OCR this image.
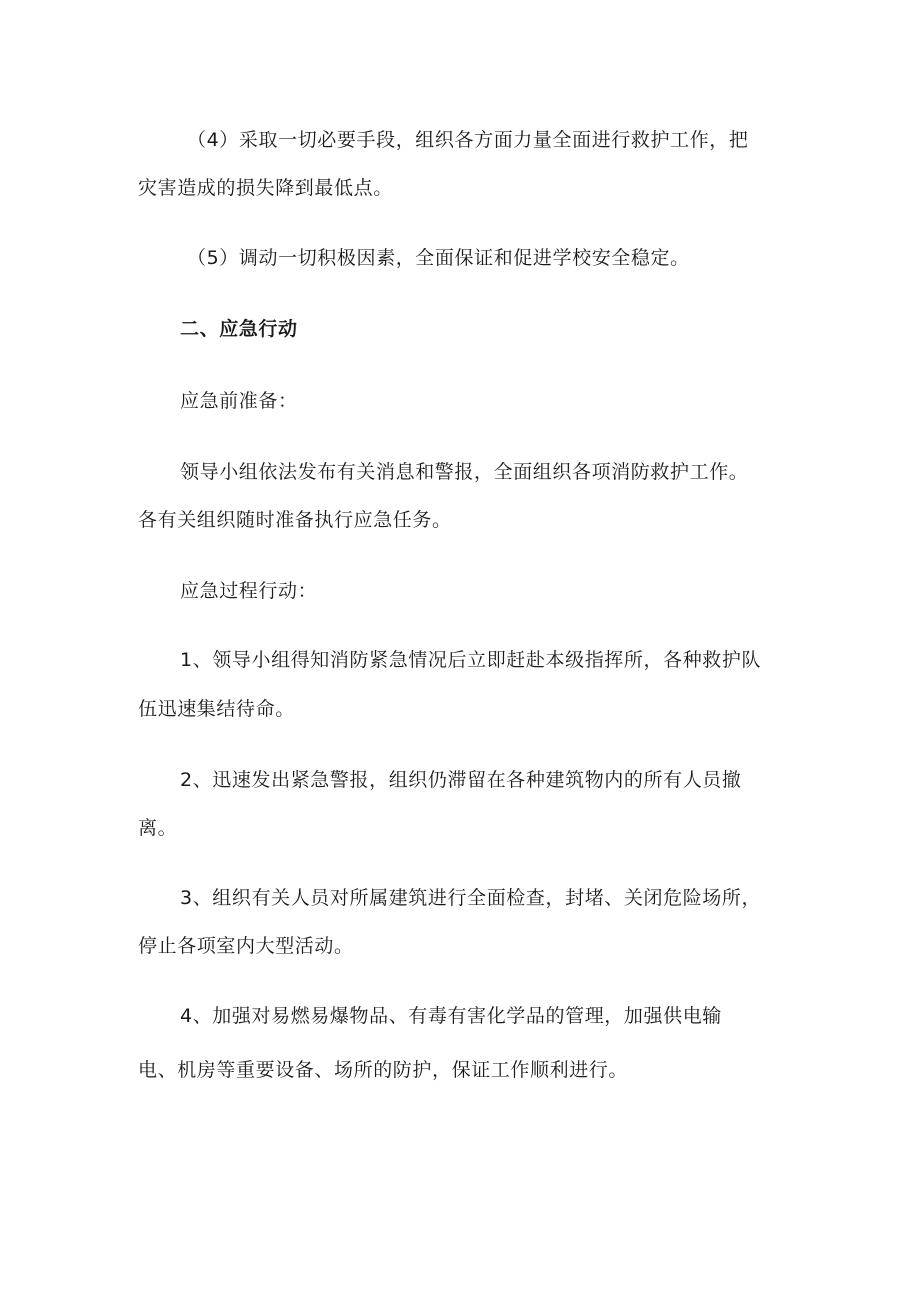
（4）采取一切必要手段，组织各方面力量全面进行救护工作，把

灾害造成的损失降到最低点。

（5）调动一切积极因素，全面保证和促进学校安全稳定。

二、应急行动

应急前准备：

领导小组依法发布有关消息和警报，全面组织各项消防救护工作。

各有关组织随时准备执行应急任务。

应急过程行动：

1、领导小组得知消防紧急情况后立即赶赴本级指挥所，各种救护队

伍迅速集结待命。

2、迅速发出紧急警报，组织仍滞留在各种建筑物内的所有人员撤

离。

3、组织有关人员对所属建筑进行全面检查，封堵、关闭危险场所，

停止各项室内大型活动。

4、加强对易燃易爆物品、有毒有害化学品的管理，加强供电输

电、机房等重要设备、场所的防护，保证工作顺利进行。
